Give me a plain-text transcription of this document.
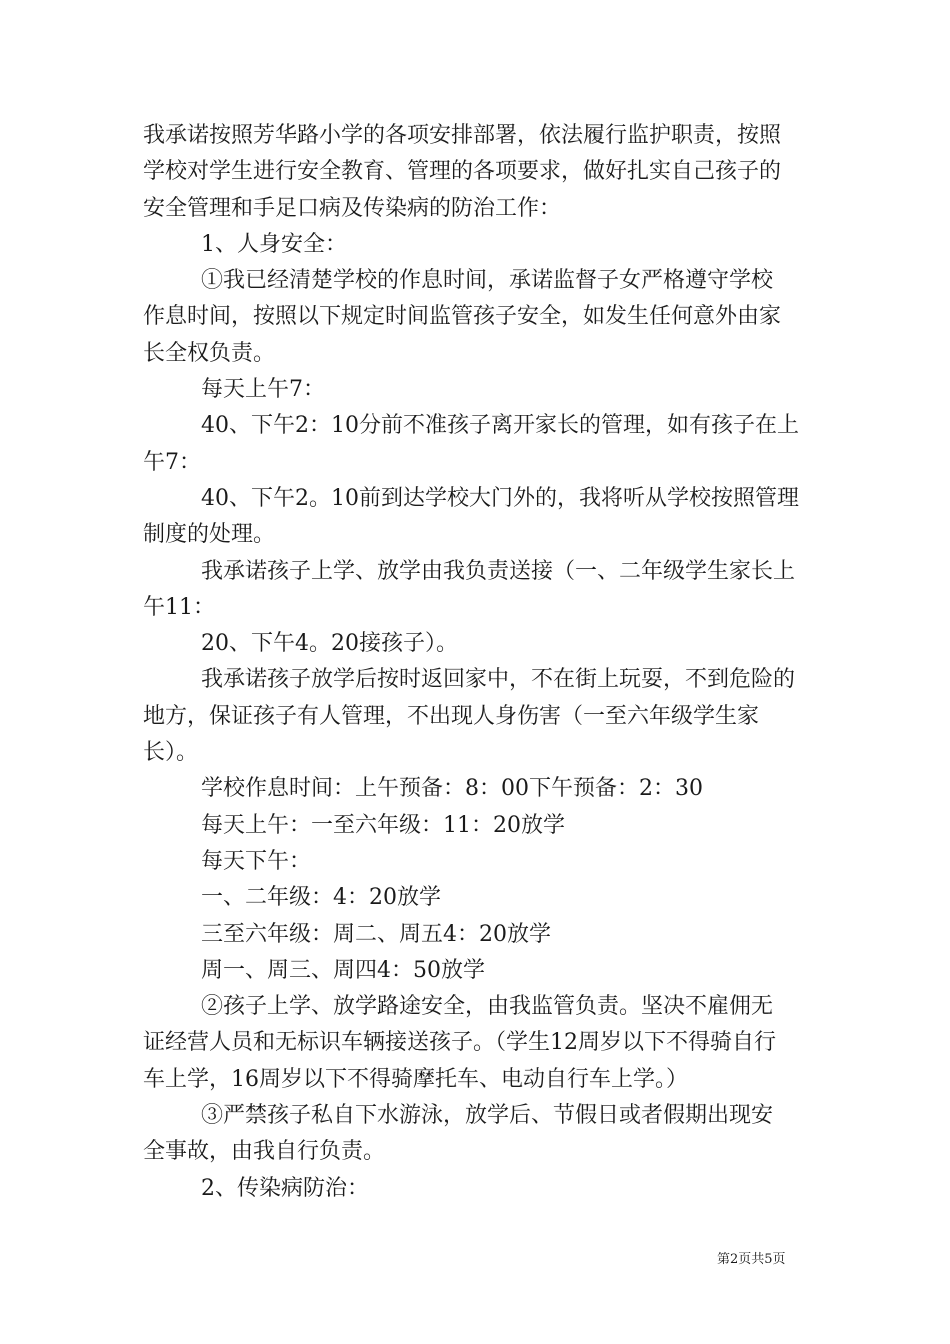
我承诺按照芳华路小学的各项安排部署，依法履行监护职责，按照
学校对学生进行安全教育、管理的各项要求，做好扎实自己孩子的
安全管理和手足口病及传染病的防治工作：
1、人身安全：
①我已经清楚学校的作息时间，承诺监督子女严格遵守学校
作息时间，按照以下规定时间监管孩子安全，如发生任何意外由家
长全权负责。
每天上午7：
40、下午2：10分前不准孩子离开家长的管理，如有孩子在上
午7：
40、下午2。10前到达学校大门外的，我将听从学校按照管理
制度的处理。
我承诺孩子上学、放学由我负责送接（一、二年级学生家长上
午11：
20、下午4。20接孩子）。
我承诺孩子放学后按时返回家中，不在街上玩耍，不到危险的
地方，保证孩子有人管理，不出现人身伤害（一至六年级学生家
长）。
学校作息时间：上午预备：8：00下午预备：2：30
每天上午：一至六年级：11：20放学
每天下午：
一、二年级：4：20放学
三至六年级：周二、周五4：20放学
周一、周三、周四4：50放学
②孩子上学、放学路途安全，由我监管负责。坚决不雇佣无
证经营人员和无标识车辆接送孩子。（学生12周岁以下不得骑自行
车上学，16周岁以下不得骑摩托车、电动自行车上学。）
③严禁孩子私自下水游泳，放学后、节假日或者假期出现安
全事故，由我自行负责。
2、传染病防治：
第2页共5页
